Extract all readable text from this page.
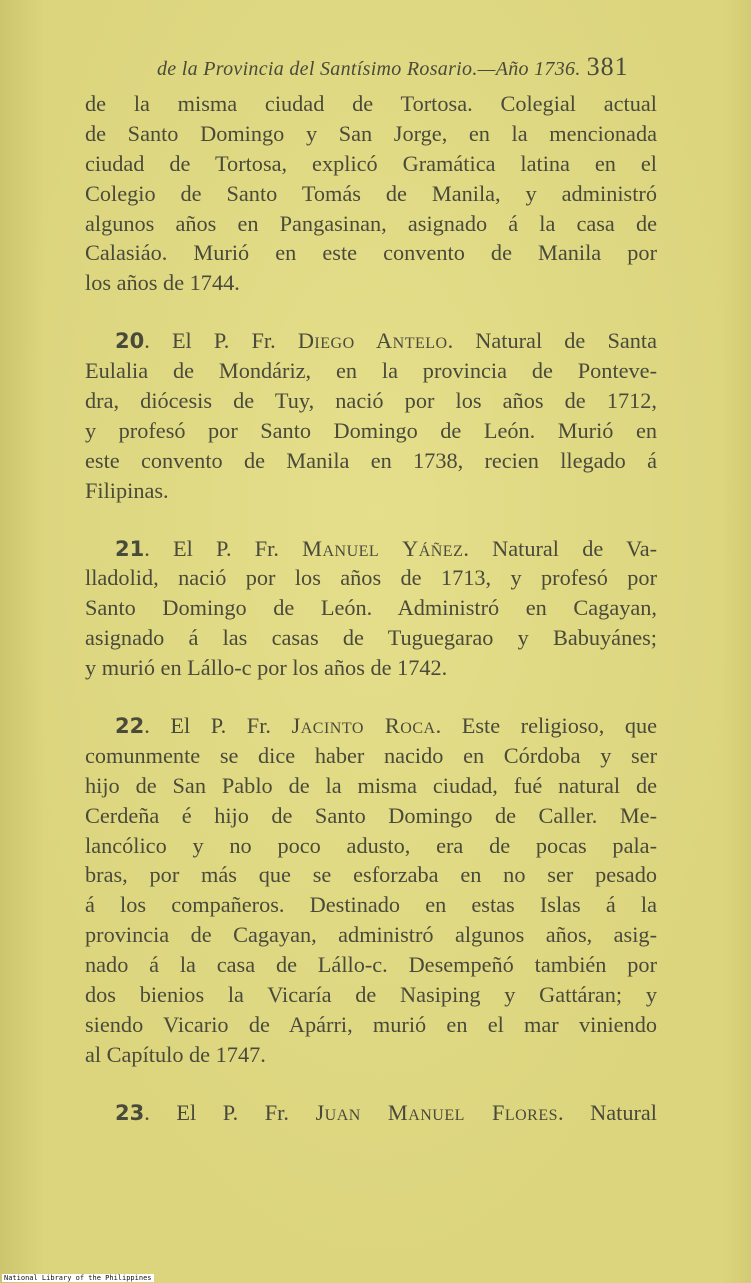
de la Provincia del Santísimo Rosario.—Año 1736. 381
de la misma ciudad de Tortosa. Colegial actual
de Santo Domingo y San Jorge, en la mencionada
ciudad de Tortosa, explicó Gramática latina en el
Colegio de Santo Tomás de Manila, y administró
algunos años en Pangasinan, asignado á la casa de
Calasiáo. Murió en este convento de Manila por
los años de 1744.
20. El P. Fr. Diego Antelo. Natural de Santa
Eulalia de Mondáriz, en la provincia de Ponteve-
dra, diócesis de Tuy, nació por los años de 1712,
y profesó por Santo Domingo de León. Murió en
este convento de Manila en 1738, recien llegado á
Filipinas.
21. El P. Fr. Manuel Yáñez. Natural de Va-
lladolid, nació por los años de 1713, y profesó por
Santo Domingo de León. Administró en Cagayan,
asignado á las casas de Tuguegarao y Babuyánes;
y murió en Lállo-c por los años de 1742.
22. El P. Fr. Jacinto Roca. Este religioso, que
comunmente se dice haber nacido en Córdoba y ser
hijo de San Pablo de la misma ciudad, fué natural de
Cerdeña é hijo de Santo Domingo de Caller. Me-
lancólico y no poco adusto, era de pocas pala-
bras, por más que se esforzaba en no ser pesado
á los compañeros. Destinado en estas Islas á la
provincia de Cagayan, administró algunos años, asig-
nado á la casa de Lállo-c. Desempeñó también por
dos bienios la Vicaría de Nasiping y Gattáran; y
siendo Vicario de Apárri, murió en el mar viniendo
al Capítulo de 1747.
23. El P. Fr. Juan Manuel Flores. Natural
National Library of the Philippines
